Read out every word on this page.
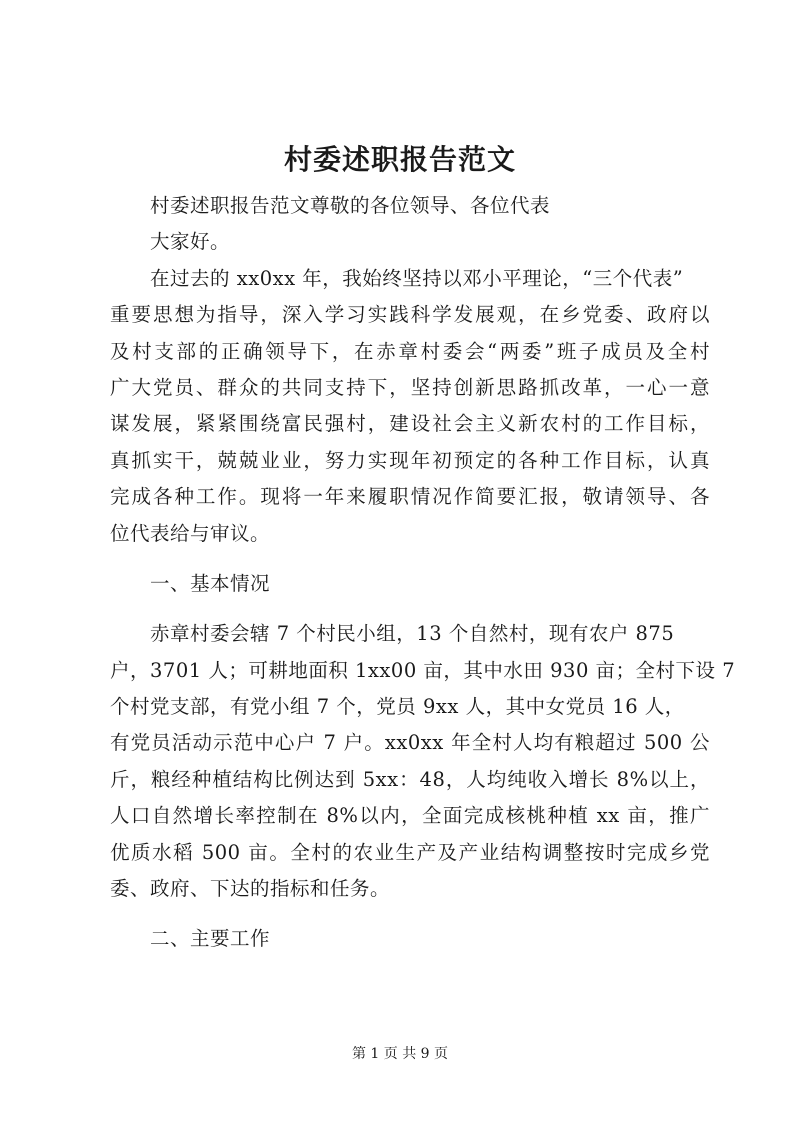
村委述职报告范文
村委述职报告范文尊敬的各位领导、各位代表
大家好。
在过去的 xx0xx 年，我始终坚持以邓小平理论，“三个代表”
重要思想为指导，深入学习实践科学发展观，在乡党委、政府以
及村支部的正确领导下，在赤章村委会“两委”班子成员及全村
广大党员、群众的共同支持下，坚持创新思路抓改革，一心一意
谋发展，紧紧围绕富民强村，建设社会主义新农村的工作目标，
真抓实干，兢兢业业，努力实现年初预定的各种工作目标，认真
完成各种工作。现将一年来履职情况作简要汇报，敬请领导、各
位代表给与审议。
一、基本情况
赤章村委会辖 7 个村民小组，13 个自然村，现有农户 875
户，3701 人；可耕地面积 1xx00 亩，其中水田 930 亩；全村下设 7
个村党支部，有党小组 7 个，党员 9xx 人，其中女党员 16 人，
有党员活动示范中心户 7 户。xx0xx 年全村人均有粮超过 500 公
斤，粮经种植结构比例达到 5xx：48，人均纯收入增长 8%以上，
人口自然增长率控制在 8%以内，全面完成核桃种植 xx 亩，推广
优质水稻 500 亩。全村的农业生产及产业结构调整按时完成乡党
委、政府、下达的指标和任务。
二、主要工作
第 1 页 共 9 页
